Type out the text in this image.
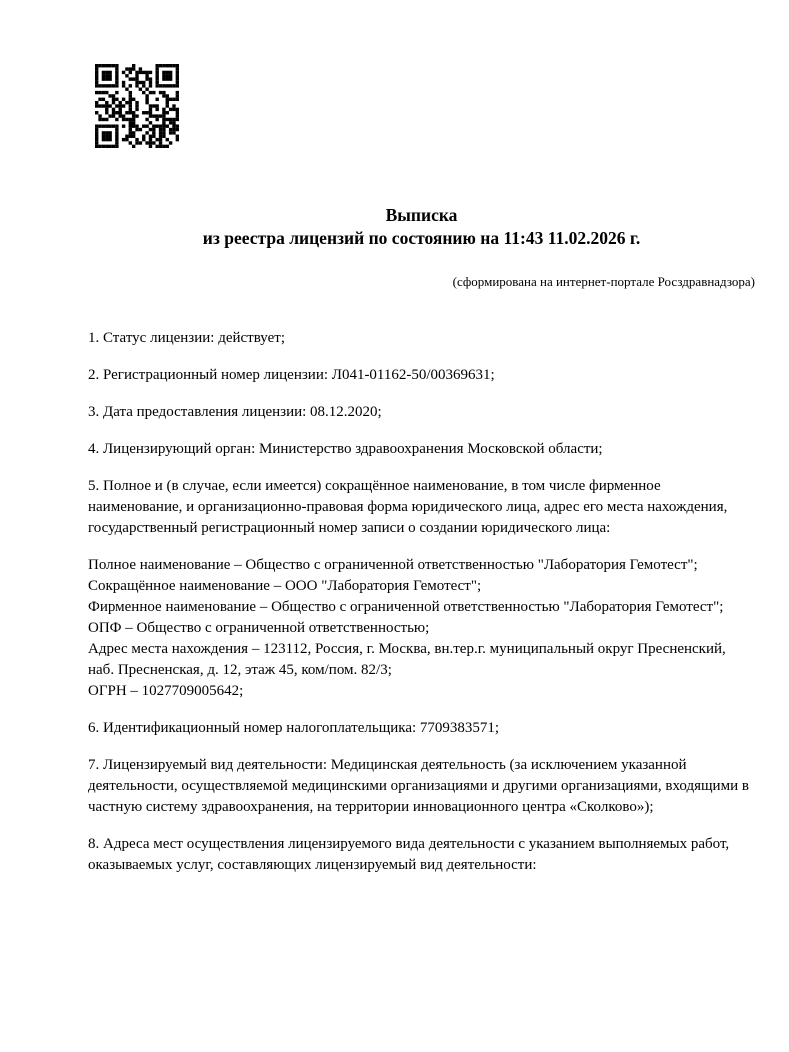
Выписка
из реестра лицензий по состоянию на 11:43 11.02.2026 г.
(сформирована на интернет-портале Росздравнадзора)
1. Статус лицензии: действует;
2. Регистрационный номер лицензии: Л041-01162-50/00369631;
3. Дата предоставления лицензии: 08.12.2020;
4. Лицензирующий орган: Министерство здравоохранения Московской области;
5. Полное и (в случае, если имеется) сокращённое наименование, в том числе фирменное наименование, и организационно-правовая форма юридического лица, адрес его места нахождения, государственный регистрационный номер записи о создании юридического лица:
Полное наименование – Общество с ограниченной ответственностью "Лаборатория Гемотест";
Сокращённое наименование – ООО "Лаборатория Гемотест";
Фирменное наименование – Общество с ограниченной ответственностью "Лаборатория Гемотест";
ОПФ – Общество с ограниченной ответственностью;
Адрес места нахождения – 123112, Россия, г. Москва, вн.тер.г. муниципальный округ Пресненский, наб. Пресненская, д. 12, этаж 45, ком/пом. 82/3;
ОГРН – 1027709005642;
6. Идентификационный номер налогоплательщика: 7709383571;
7. Лицензируемый вид деятельности: Медицинская деятельность (за исключением указанной деятельности, осуществляемой медицинскими организациями и другими организациями, входящими в частную систему здравоохранения, на территории инновационного центра «Сколково»);
8. Адреса мест осуществления лицензируемого вида деятельности с указанием выполняемых работ, оказываемых услуг, составляющих лицензируемый вид деятельности:
